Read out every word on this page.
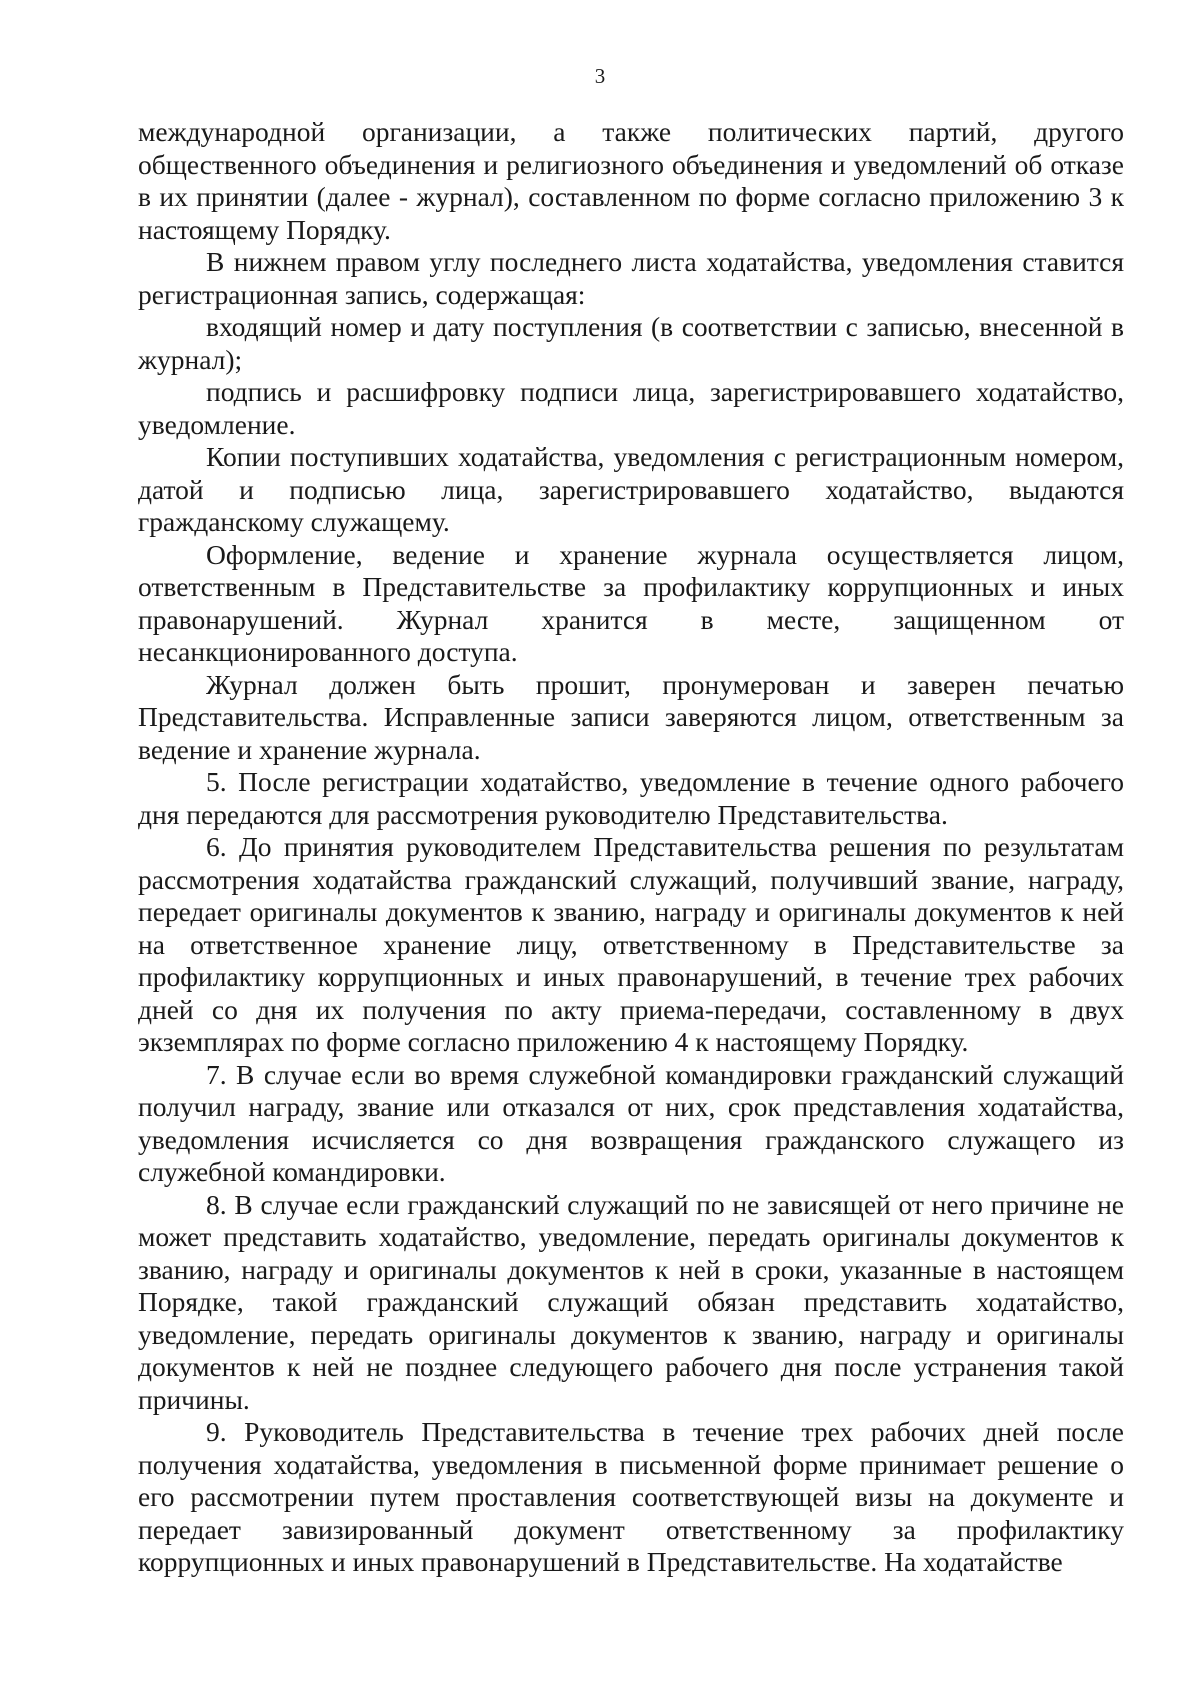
3

международной организации, а также политических партий, другого общественного объединения и религиозного объединения и уведомлений об отказе в их принятии (далее - журнал), составленном по форме согласно приложению 3 к настоящему Порядку.

В нижнем правом углу последнего листа ходатайства, уведомления ставится регистрационная запись, содержащая:

входящий номер и дату поступления (в соответствии с записью, внесенной в журнал);

подпись и расшифровку подписи лица, зарегистрировавшего ходатайство, уведомление.

Копии поступивших ходатайства, уведомления с регистрационным номером, датой и подписью лица, зарегистрировавшего ходатайство, выдаются гражданскому служащему.

Оформление, ведение и хранение журнала осуществляется лицом, ответственным в Представительстве за профилактику коррупционных и иных правонарушений. Журнал хранится в месте, защищенном от несанкционированного доступа.

Журнал должен быть прошит, пронумерован и заверен печатью Представительства. Исправленные записи заверяются лицом, ответственным за ведение и хранение журнала.

5. После регистрации ходатайство, уведомление в течение одного рабочего дня передаются для рассмотрения руководителю Представительства.

6. До принятия руководителем Представительства решения по результатам рассмотрения ходатайства гражданский служащий, получивший звание, награду, передает оригиналы документов к званию, награду и оригиналы документов к ней на ответственное хранение лицу, ответственному в Представительстве за профилактику коррупционных и иных правонарушений, в течение трех рабочих дней со дня их получения по акту приема-передачи, составленному в двух экземплярах по форме согласно приложению 4 к настоящему Порядку.

7. В случае если во время служебной командировки гражданский служащий получил награду, звание или отказался от них, срок представления ходатайства, уведомления исчисляется со дня возвращения гражданского служащего из служебной командировки.

8. В случае если гражданский служащий по не зависящей от него причине не может представить ходатайство, уведомление, передать оригиналы документов к званию, награду и оригиналы документов к ней в сроки, указанные в настоящем Порядке, такой гражданский служащий обязан представить ходатайство, уведомление, передать оригиналы документов к званию, награду и оригиналы документов к ней не позднее следующего рабочего дня после устранения такой причины.

9. Руководитель Представительства в течение трех рабочих дней после получения ходатайства, уведомления в письменной форме принимает решение о его рассмотрении путем проставления соответствующей визы на документе и передает завизированный документ ответственному за профилактику коррупционных и иных правонарушений в Представительстве. На ходатайстве
